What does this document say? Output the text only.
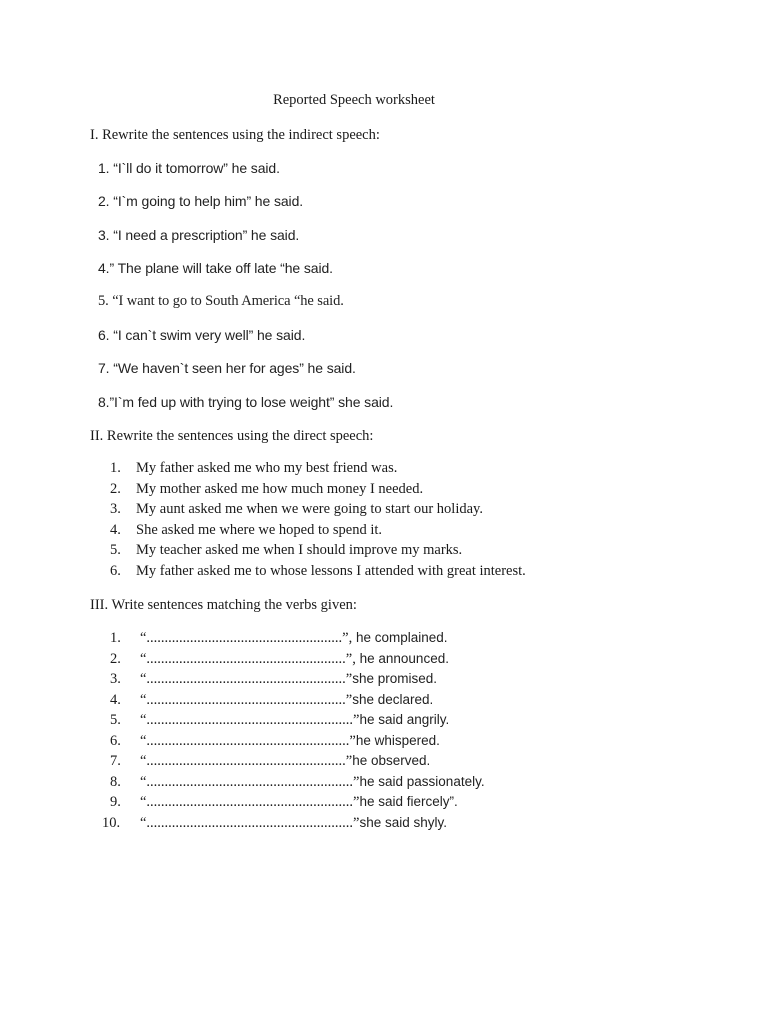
Reported Speech worksheet
I. Rewrite the sentences using the indirect speech:
1. “I`ll do it tomorrow” he said.
2. “I`m going to help him” he said.
3. “I need a prescription” he said.
4.” The plane will take off late “he said.
5. “I want to go to South America “he said.
6. “I can`t swim very well” he said.
7. “We haven`t seen her for ages” he said.
8.”I`m fed up with trying to lose weight” she said.
II. Rewrite the sentences using the direct speech:
1. My father asked me who my best friend was.
2. My mother asked me how much money I needed.
3. My aunt asked me when we were going to start our holiday.
4. She asked me where we hoped to spend it.
5. My teacher asked me when I should improve my marks.
6. My father asked me to whose lessons I attended with great interest.
III. Write sentences matching the verbs given:
1. “......................................................”, he complained.
2. “.......................................................”, he announced.
3. “.......................................................”she promised.
4. “.......................................................”she declared.
5. “.........................................................”he said angrily.
6. “........................................................”he whispered.
7. “.......................................................”he observed.
8. “.........................................................”he said passionately.
9. “.........................................................”he said fiercely”.
10. “.........................................................”she said shyly.
